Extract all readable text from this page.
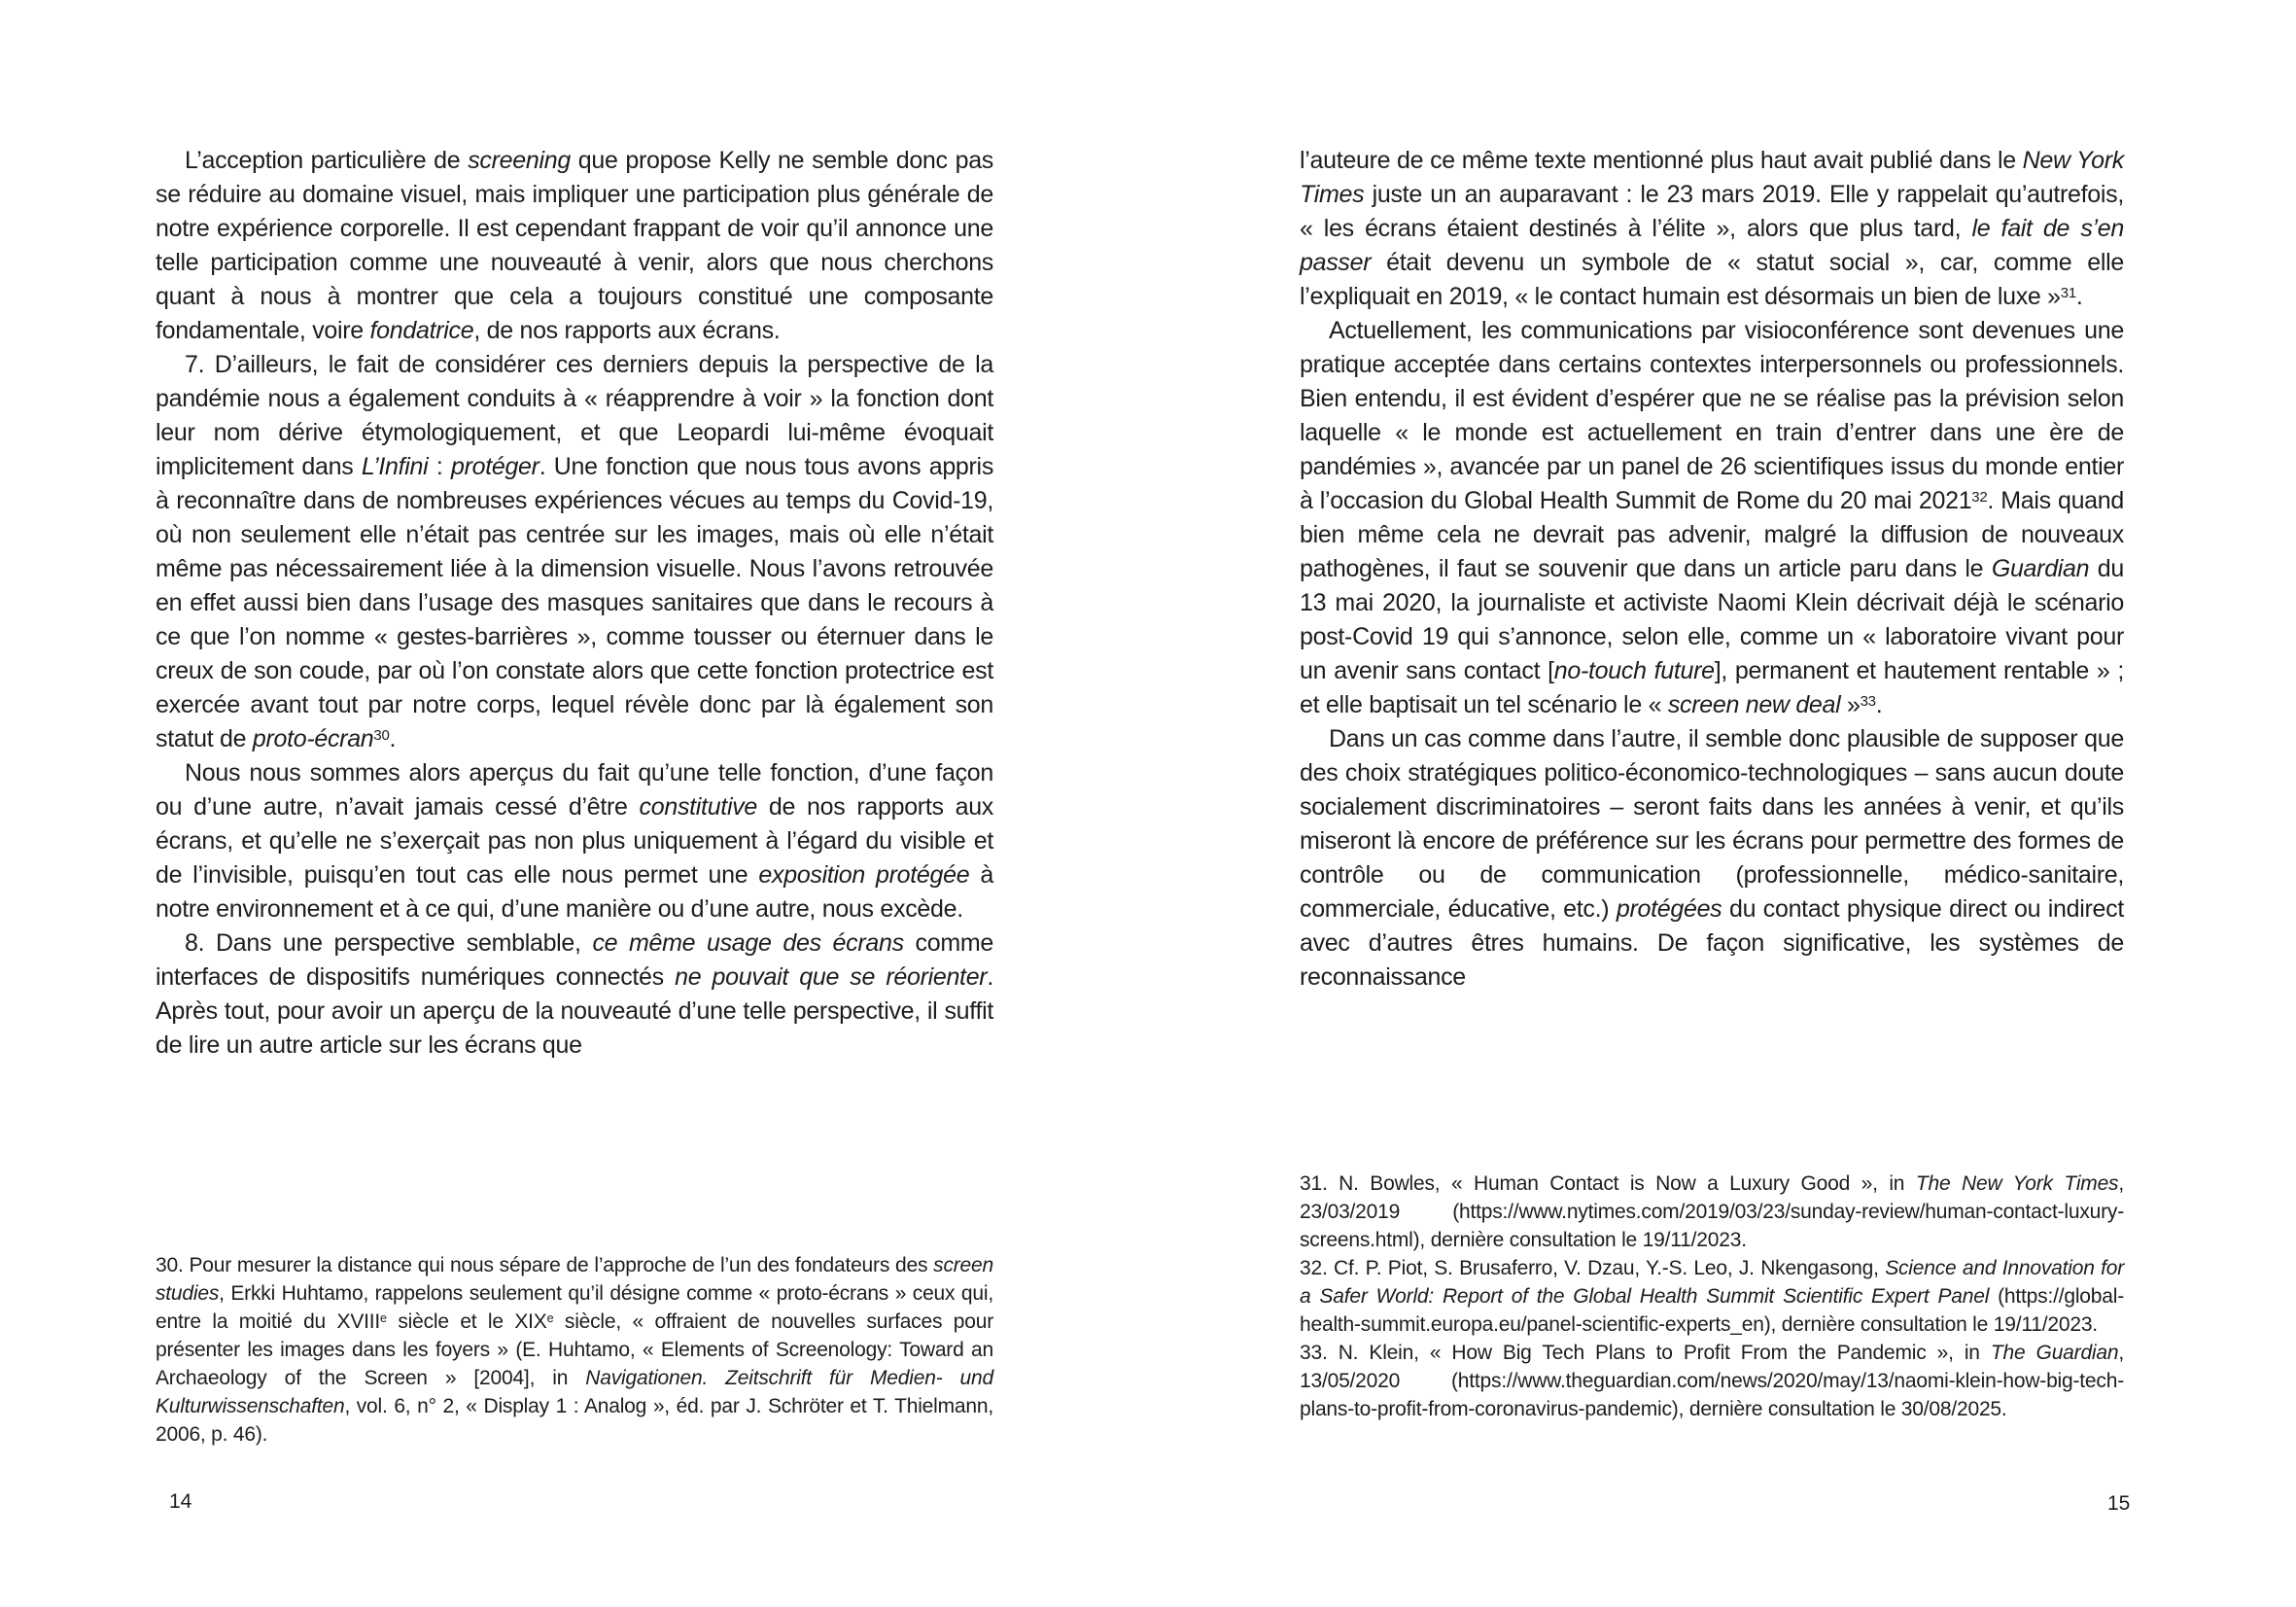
L’acception particulière de screening que propose Kelly ne semble donc pas se réduire au domaine visuel, mais impliquer une participation plus générale de notre expérience corporelle. Il est cependant frappant de voir qu’il annonce une telle participation comme une nouveauté à venir, alors que nous cherchons quant à nous à montrer que cela a toujours constitué une composante fondamentale, voire fondatrice, de nos rapports aux écrans.

7. D’ailleurs, le fait de considérer ces derniers depuis la perspective de la pandémie nous a également conduits à « réapprendre à voir » la fonction dont leur nom dérive étymologiquement, et que Leopardi lui-même évoquait implicitement dans L’Infini : protéger. Une fonction que nous tous avons appris à reconnaître dans de nombreuses expériences vécues au temps du Covid-19, où non seulement elle n’était pas centrée sur les images, mais où elle n’était même pas nécessairement liée à la dimension visuelle. Nous l’avons retrouvée en effet aussi bien dans l’usage des masques sanitaires que dans le recours à ce que l’on nomme « gestes-barrières », comme tousser ou éternuer dans le creux de son coude, par où l’on constate alors que cette fonction protectrice est exercée avant tout par notre corps, lequel révèle donc par là également son statut de proto-écran$^{30}$.

Nous nous sommes alors aperçus du fait qu’une telle fonction, d’une façon ou d’une autre, n’avait jamais cessé d’être constitutive de nos rapports aux écrans, et qu’elle ne s’exerçait pas non plus uniquement à l’égard du visible et de l’invisible, puisqu’en tout cas elle nous permet une exposition protégée à notre environnement et à ce qui, d’une manière ou d’une autre, nous excède.

8. Dans une perspective semblable, ce même usage des écrans comme interfaces de dispositifs numériques connectés ne pouvait que se réorienter. Après tout, pour avoir un aperçu de la nouveauté d’une telle perspective, il suffit de lire un autre article sur les écrans que

30. Pour mesurer la distance qui nous sépare de l’approche de l’un des fondateurs des screen studies, Erkki Huhtamo, rappelons seulement qu’il désigne comme « proto-écrans » ceux qui, entre la moitié du XVIIIe siècle et le XIXe siècle, « offraient de nouvelles surfaces pour présenter les images dans les foyers » (E. Huhtamo, « Elements of Screenology: Toward an Archaeology of the Screen » [2004], in Navigationen. Zeitschrift für Medien- und Kulturwissenschaften, vol. 6, n° 2, « Display 1 : Analog », éd. par J. Schröter et T. Thielmann, 2006, p. 46).

14

l’auteure de ce même texte mentionné plus haut avait publié dans le New York Times juste un an auparavant : le 23 mars 2019. Elle y rappelait qu’autrefois, « les écrans étaient destinés à l’élite », alors que plus tard, le fait de s’en passer était devenu un symbole de « statut social », car, comme elle l’expliquait en 2019, « le contact humain est désormais un bien de luxe »$^{31}$.

Actuellement, les communications par visioconférence sont devenues une pratique acceptée dans certains contextes interpersonnels ou professionnels. Bien entendu, il est évident d’espérer que ne se réalise pas la prévision selon laquelle « le monde est actuellement en train d’entrer dans une ère de pandémies », avancée par un panel de 26 scientifiques issus du monde entier à l’occasion du Global Health Summit de Rome du 20 mai 2021$^{32}$. Mais quand bien même cela ne devrait pas advenir, malgré la diffusion de nouveaux pathogènes, il faut se souvenir que dans un article paru dans le Guardian du 13 mai 2020, la journaliste et activiste Naomi Klein décrivait déjà le scénario post-Covid 19 qui s’annonce, selon elle, comme un « laboratoire vivant pour un avenir sans contact [no-touch future], permanent et hautement rentable » ; et elle baptisait un tel scénario le « screen new deal »$^{33}$.

Dans un cas comme dans l’autre, il semble donc plausible de supposer que des choix stratégiques politico-économico-technologiques – sans aucun doute socialement discriminatoires – seront faits dans les années à venir, et qu’ils miseront là encore de préférence sur les écrans pour permettre des formes de contrôle ou de communication (professionnelle, médico-sanitaire, commerciale, éducative, etc.) protégées du contact physique direct ou indirect avec d’autres êtres humains. De façon significative, les systèmes de reconnaissance

31. N. Bowles, « Human Contact is Now a Luxury Good », in The New York Times, 23/03/2019 (https://www.nytimes.com/2019/03/23/sunday-review/human-contact-luxury-screens.html), dernière consultation le 19/11/2023.

32. Cf. P. Piot, S. Brusaferro, V. Dzau, Y.-S. Leo, J. Nkengasong, Science and Innovation for a Safer World: Report of the Global Health Summit Scientific Expert Panel (https://global-health-summit.europa.eu/panel-scientific-experts_en), dernière consultation le 19/11/2023.

33. N. Klein, « How Big Tech Plans to Profit From the Pandemic », in The Guardian, 13/05/2020 (https://www.theguardian.com/news/2020/may/13/naomi-klein-how-big-tech-plans-to-profit-from-coronavirus-pandemic), dernière consultation le 30/08/2025.

15
